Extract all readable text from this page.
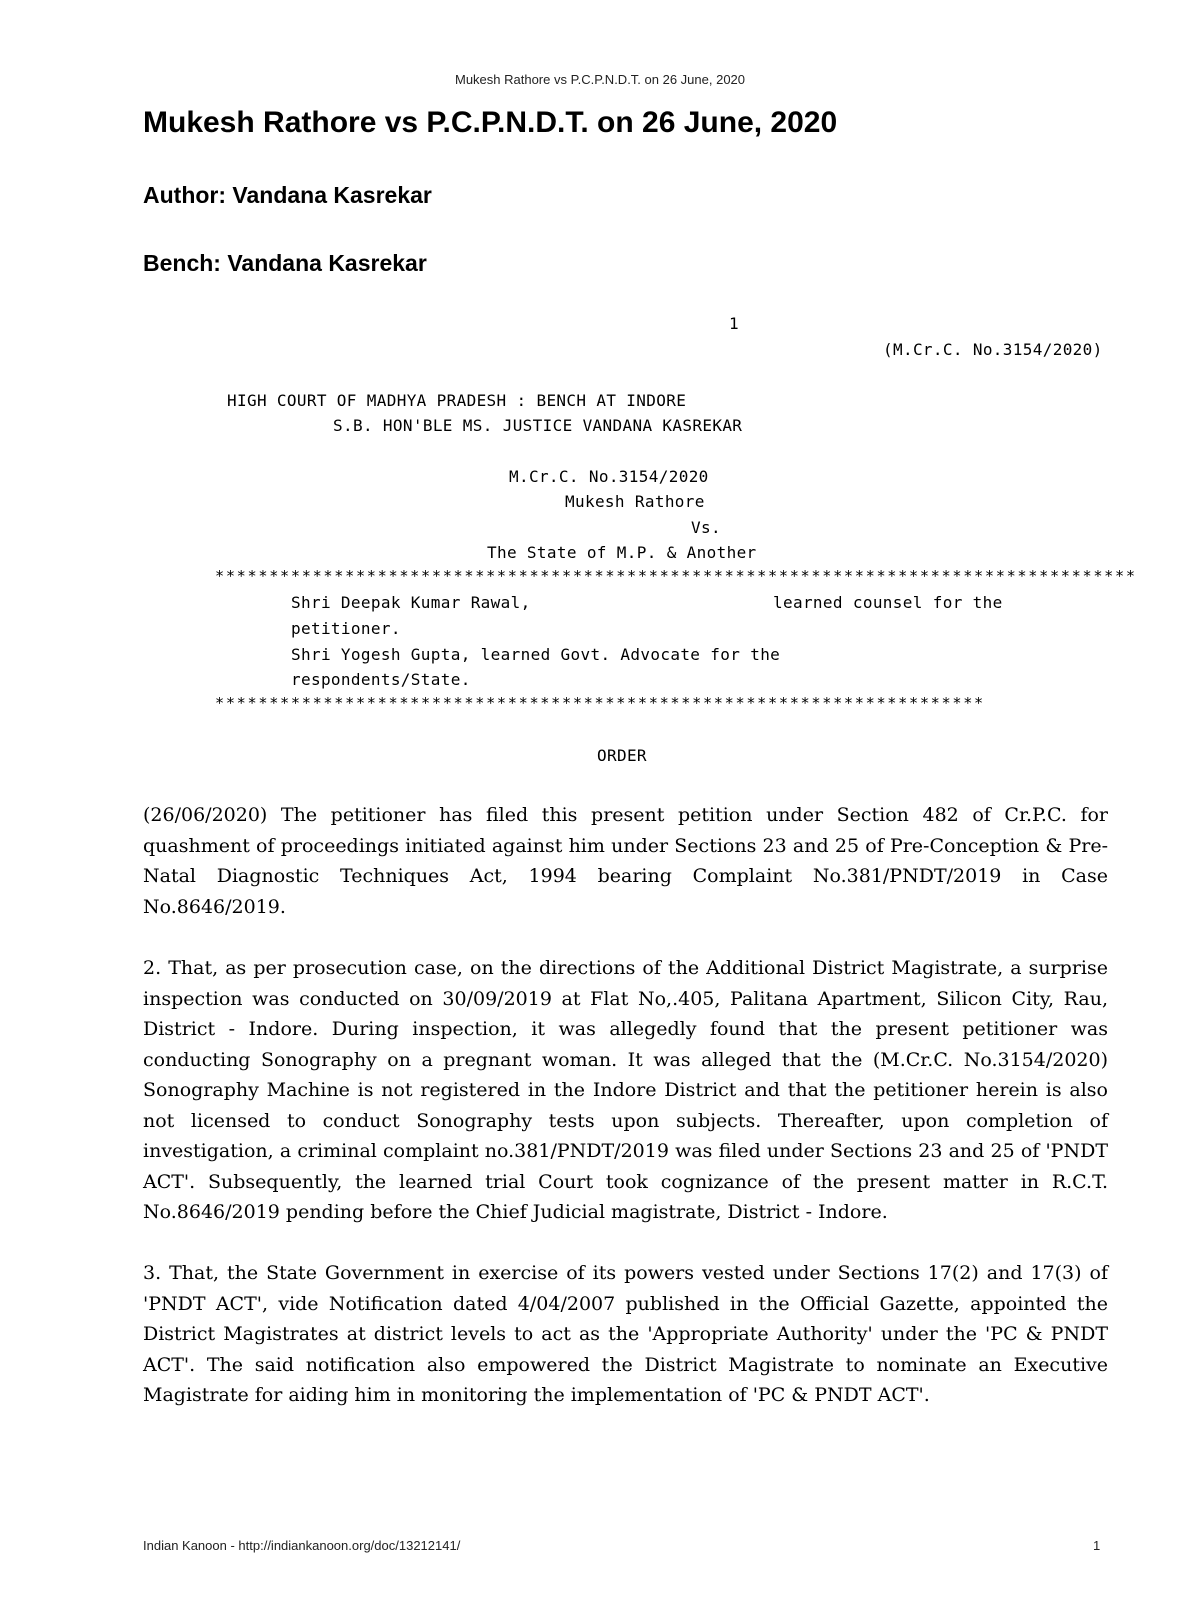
Mukesh Rathore vs P.C.P.N.D.T. on 26 June, 2020
Mukesh Rathore vs P.C.P.N.D.T. on 26 June, 2020
Author: Vandana Kasrekar
Bench: Vandana Kasrekar
1
(M.Cr.C. No.3154/2020)
HIGH COURT OF MADHYA PRADESH : BENCH AT INDORE
S.B. HON'BLE MS. JUSTICE VANDANA KASREKAR
M.Cr.C. No.3154/2020
Mukesh Rathore
Vs.
The State of M.P. & Another
*************************************************************************************
Shri Deepak Kumar Rawal,	learned counsel for the
petitioner.
Shri Yogesh Gupta, learned Govt. Advocate for the
respondents/State.
***********************************************************************
ORDER
(26/06/2020) The petitioner has filed this present petition under Section 482 of Cr.P.C. for quashment of proceedings initiated against him under Sections 23 and 25 of Pre-Conception & Pre-Natal Diagnostic Techniques Act, 1994 bearing Complaint No.381/PNDT/2019 in Case No.8646/2019.
2. That, as per prosecution case, on the directions of the Additional District Magistrate, a surprise inspection was conducted on 30/09/2019 at Flat No,.405, Palitana Apartment, Silicon City, Rau, District - Indore. During inspection, it was allegedly found that the present petitioner was conducting Sonography on a pregnant woman. It was alleged that the (M.Cr.C. No.3154/2020) Sonography Machine is not registered in the Indore District and that the petitioner herein is also not licensed to conduct Sonography tests upon subjects. Thereafter, upon completion of investigation, a criminal complaint no.381/PNDT/2019 was filed under Sections 23 and 25 of 'PNDT ACT'. Subsequently, the learned trial Court took cognizance of the present matter in R.C.T. No.8646/2019 pending before the Chief Judicial magistrate, District - Indore.
3. That, the State Government in exercise of its powers vested under Sections 17(2) and 17(3) of 'PNDT ACT', vide Notification dated 4/04/2007 published in the Official Gazette, appointed the District Magistrates at district levels to act as the 'Appropriate Authority' under the 'PC & PNDT ACT'. The said notification also empowered the District Magistrate to nominate an Executive Magistrate for aiding him in monitoring the implementation of 'PC & PNDT ACT'.
Indian Kanoon - http://indiankanoon.org/doc/13212141/	1
